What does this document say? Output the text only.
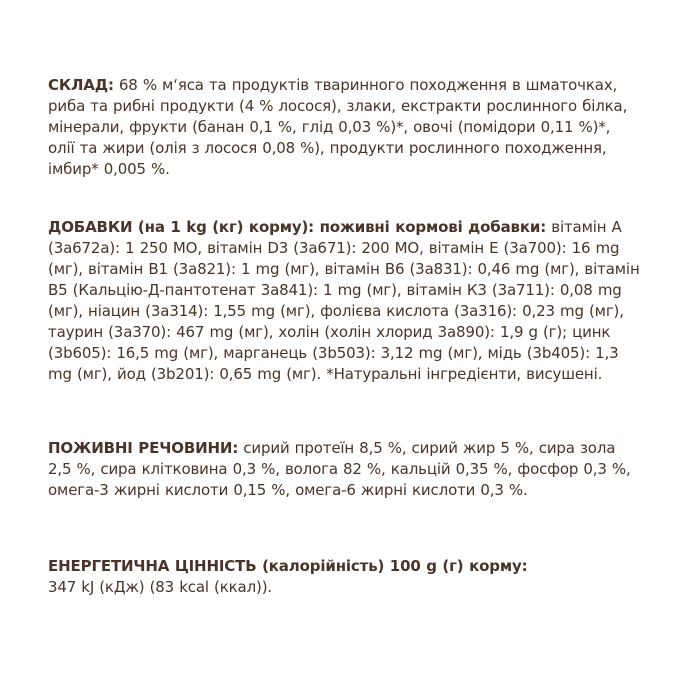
СКЛАД: 68 % м‘яса та продуктів тваринного походження в шматочках, риба та рибні продукти (4 % лосося), злаки, екстракти рослинного білка, мінерали, фрукти (банан 0,1 %, глід 0,03 %)*, овочі (помідори 0,11 %)*, олії та жири (олія з лосося 0,08 %), продукти рослинного походження, імбир* 0,005 %.

ДОБАВКИ (на 1 kg (кг) корму): поживні кормові добавки: вітамін А (3а672а): 1 250 МО, вітамін D3 (3а671): 200 МО, вітамін Е (3а700): 16 mg (мг), вітамін В1 (3а821): 1 mg (мг), вітамін В6 (3а831): 0,46 mg (мг), вітамін В5 (Кальцію-Д-пантотенат 3а841): 1 mg (мг), вітамін К3 (3а711): 0,08 mg (мг), ніацин (3а314): 1,55 mg (мг), фолієва кислота (3а316): 0,23 mg (мг), таурин (3а370): 467 mg (мг), холін (холін хлорид 3а890): 1,9 g (г); цинк (3b605): 16,5 mg (мг), марганець (3b503): 3,12 mg (мг), мідь (3b405): 1,3 mg (мг), йод (3b201): 0,65 mg (мг). *Натуральні інгредієнти, висушені.

ПОЖИВНІ РЕЧОВИНИ: сирий протеїн 8,5 %, сирий жир 5 %, сира зола 2,5 %, сира клітковина 0,3 %, волога 82 %, кальцій 0,35 %, фосфор 0,3 %, омега-3 жирні кислоти 0,15 %, омега-6 жирні кислоти 0,3 %.

ЕНЕРГЕТИЧНА ЦІННІСТЬ (калорійність) 100 g (г) корму:
347 kJ (кДж) (83 kcal (ккал)).
